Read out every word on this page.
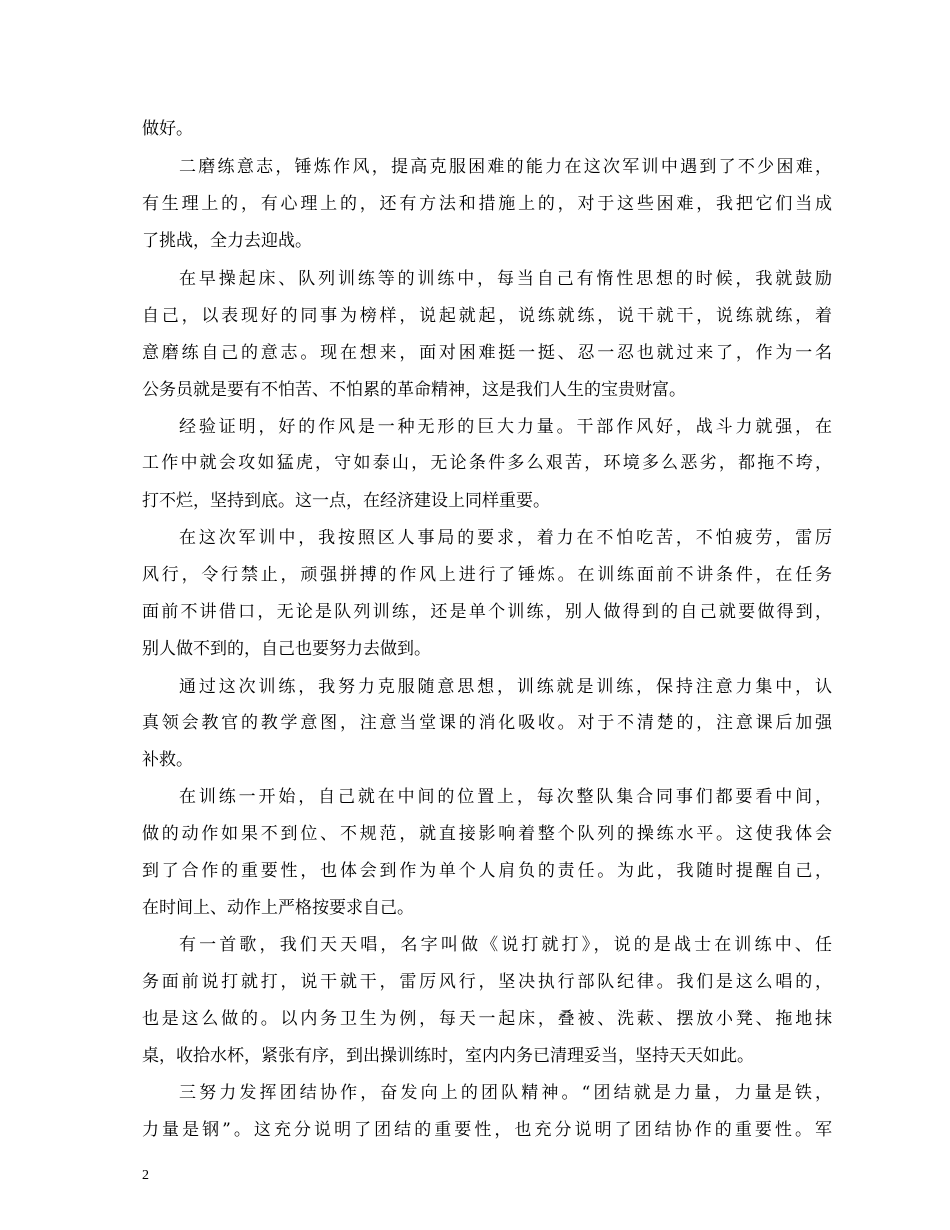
做好。
二磨练意志，锤炼作风，提高克服困难的能力在这次军训中遇到了不少困难，
有生理上的，有心理上的，还有方法和措施上的，对于这些困难，我把它们当成
了挑战，全力去迎战。
在早操起床、队列训练等的训练中，每当自己有惰性思想的时候，我就鼓励
自己，以表现好的同事为榜样，说起就起，说练就练，说干就干，说练就练，着
意磨练自己的意志。现在想来，面对困难挺一挺、忍一忍也就过来了，作为一名
公务员就是要有不怕苦、不怕累的革命精神，这是我们人生的宝贵财富。
经验证明，好的作风是一种无形的巨大力量。干部作风好，战斗力就强，在
工作中就会攻如猛虎，守如泰山，无论条件多么艰苦，环境多么恶劣，都拖不垮，
打不烂，坚持到底。这一点，在经济建设上同样重要。
在这次军训中，我按照区人事局的要求，着力在不怕吃苦，不怕疲劳，雷厉
风行，令行禁止，顽强拼搏的作风上进行了锤炼。在训练面前不讲条件，在任务
面前不讲借口，无论是队列训练，还是单个训练，别人做得到的自己就要做得到，
别人做不到的，自己也要努力去做到。
通过这次训练，我努力克服随意思想，训练就是训练，保持注意力集中，认
真领会教官的教学意图，注意当堂课的消化吸收。对于不清楚的，注意课后加强
补救。
在训练一开始，自己就在中间的位置上，每次整队集合同事们都要看中间，
做的动作如果不到位、不规范，就直接影响着整个队列的操练水平。这使我体会
到了合作的重要性，也体会到作为单个人肩负的责任。为此，我随时提醒自己，
在时间上、动作上严格按要求自己。
有一首歌，我们天天唱，名字叫做《说打就打》，说的是战士在训练中、任
务面前说打就打，说干就干，雷厉风行，坚决执行部队纪律。我们是这么唱的，
也是这么做的。以内务卫生为例，每天一起床，叠被、洗蔌、摆放小凳、拖地抹
桌，收拾水杯，紧张有序，到出操训练时，室内内务已清理妥当，坚持天天如此。
三努力发挥团结协作，奋发向上的团队精神。“团结就是力量，力量是铁，
力量是钢”。这充分说明了团结的重要性，也充分说明了团结协作的重要性。军
2
